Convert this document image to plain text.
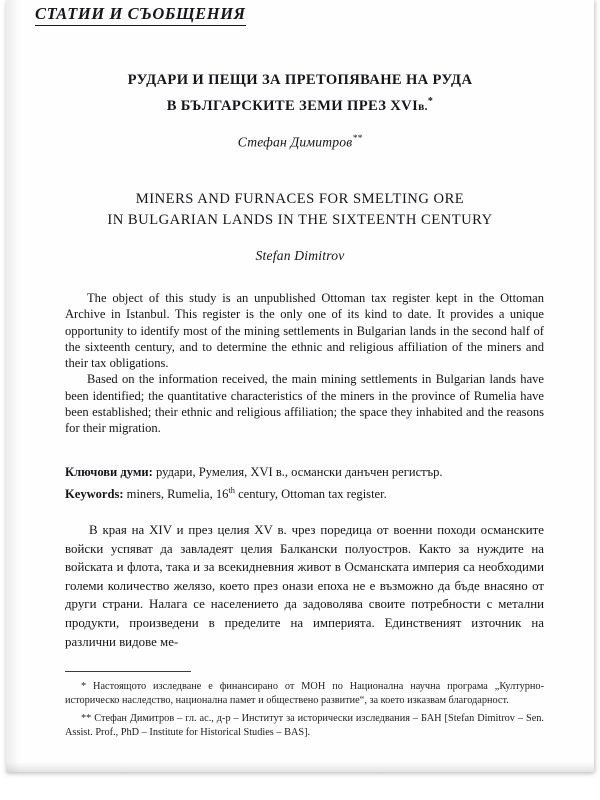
СТАТИИ И СЪОБЩЕНИЯ
РУДАРИ И ПЕЩИ ЗА ПРЕТОПЯВАНЕ НА РУДА
В БЪЛГАРСКИТЕ ЗЕМИ ПРЕЗ XVIв.*
Стефан Димитров**
MINERS AND FURNACES FOR SMELTING ORE
IN BULGARIAN LANDS IN THE SIXTEENTH CENTURY
Stefan Dimitrov

The object of this study is an unpublished Ottoman tax register kept in the Ottoman Archive in Istanbul. This register is the only one of its kind to date. It provides a unique opportunity to identify most of the mining settlements in Bulgarian lands in the second half of the sixteenth century, and to determine the ethnic and religious affiliation of the miners and their tax obligations.

Based on the information received, the main mining settlements in Bulgarian lands have been identified; the quantitative characteristics of the miners in the province of Rumelia have been established; their ethnic and religious affiliation; the space they inhabited and the reasons for their migration.

Ключови думи: рудари, Румелия, XVI в., османски данъчен регистър.
Keywords: miners, Rumelia, 16th century, Ottoman tax register.

В края на XIV и през целия XV в. чрез поредица от военни походи османските войски успяват да завладеят целия Балкански полуостров. Както за нуждите на войската и флота, така и за всекидневния живот в Османската империя са необходими големи количество желязо, което през онази епоха не е възможно да бъде внасяно от други страни. Налага се населението да задоволява своите потребности с метални продукти, произведени в пределите на империята. Единственият източник на различни видове ме-

* Настоящото изследване е финансирано от МОН по Национална научна програма „Културно-историческо наследство, национална памет и обществено развитие“, за което изказвам благодарност.

** Стефан Димитров – гл. ас., д-р – Институт за исторически изследвания – БАН [Stefan Dimitrov – Sen. Assist. Prof., PhD – Institute for Historical Studies – BAS].
